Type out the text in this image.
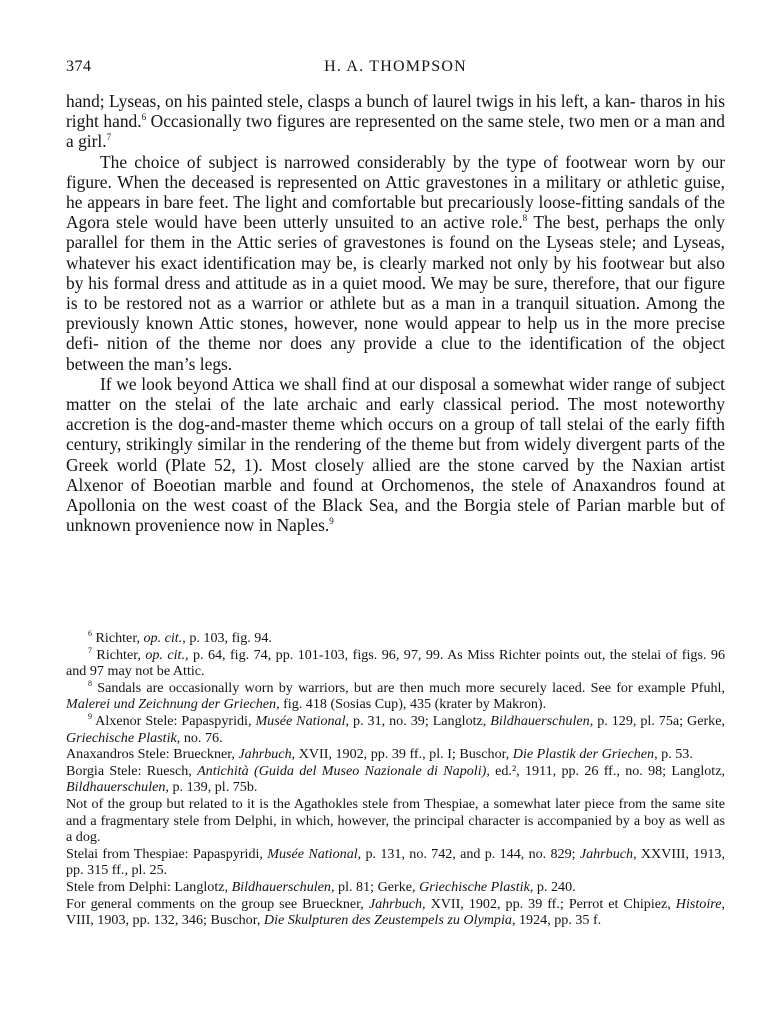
374	H. A. THOMPSON

hand; Lyseas, on his painted stele, clasps a bunch of laurel twigs in his left, a kan- tharos in his right hand.$^6$ Occasionally two figures are represented on the same stele, two men or a man and a girl.$^7$

The choice of subject is narrowed considerably by the type of footwear worn by our figure. When the deceased is represented on Attic gravestones in a military or athletic guise, he appears in bare feet. The light and comfortable but precariously loose-fitting sandals of the Agora stele would have been utterly unsuited to an active role.$^8$ The best, perhaps the only parallel for them in the Attic series of gravestones is found on the Lyseas stele; and Lyseas, whatever his exact identification may be, is clearly marked not only by his footwear but also by his formal dress and attitude as in a quiet mood. We may be sure, therefore, that our figure is to be restored not as a warrior or athlete but as a man in a tranquil situation. Among the previously known Attic stones, however, none would appear to help us in the more precise defi- nition of the theme nor does any provide a clue to the identification of the object between the man’s legs.

If we look beyond Attica we shall find at our disposal a somewhat wider range of subject matter on the stelai of the late archaic and early classical period. The most noteworthy accretion is the dog-and-master theme which occurs on a group of tall stelai of the early fifth century, strikingly similar in the rendering of the theme but from widely divergent parts of the Greek world (Plate 52, 1). Most closely allied are the stone carved by the Naxian artist Alxenor of Boeotian marble and found at Orchomenos, the stele of Anaxandros found at Apollonia on the west coast of the Black Sea, and the Borgia stele of Parian marble but of unknown provenience now in Naples.$^9$

$^6$ Richter, op. cit., p. 103, fig. 94.

$^7$ Richter, op. cit., p. 64, fig. 74, pp. 101-103, figs. 96, 97, 99. As Miss Richter points out, the stelai of figs. 96 and 97 may not be Attic.

$^8$ Sandals are occasionally worn by warriors, but are then much more securely laced. See for example Pfuhl, Malerei und Zeichnung der Griechen, fig. 418 (Sosias Cup), 435 (krater by Makron).

$^9$ Alxenor Stele: Papaspyridi, Musée National, p. 31, no. 39; Langlotz, Bildhauerschulen, p. 129, pl. 75a; Gerke, Griechische Plastik, no. 76.

Anaxandros Stele: Brueckner, Jahrbuch, XVII, 1902, pp. 39 ff., pl. I; Buschor, Die Plastik der Griechen, p. 53.

Borgia Stele: Ruesch, Antichità (Guida del Museo Nazionale di Napoli), ed.², 1911, pp. 26 ff., no. 98; Langlotz, Bildhauerschulen, p. 139, pl. 75b.

Not of the group but related to it is the Agathokles stele from Thespiae, a somewhat later piece from the same site and a fragmentary stele from Delphi, in which, however, the principal character is accompanied by a boy as well as a dog.

Stelai from Thespiae: Papaspyridi, Musée National, p. 131, no. 742, and p. 144, no. 829; Jahrbuch, XXVIII, 1913, pp. 315 ff., pl. 25.

Stele from Delphi: Langlotz, Bildhauerschulen, pl. 81; Gerke, Griechische Plastik, p. 240.

For general comments on the group see Brueckner, Jahrbuch, XVII, 1902, pp. 39 ff.; Perrot et Chipiez, Histoire, VIII, 1903, pp. 132, 346; Buschor, Die Skulpturen des Zeustempels zu Olympia, 1924, pp. 35 f.
